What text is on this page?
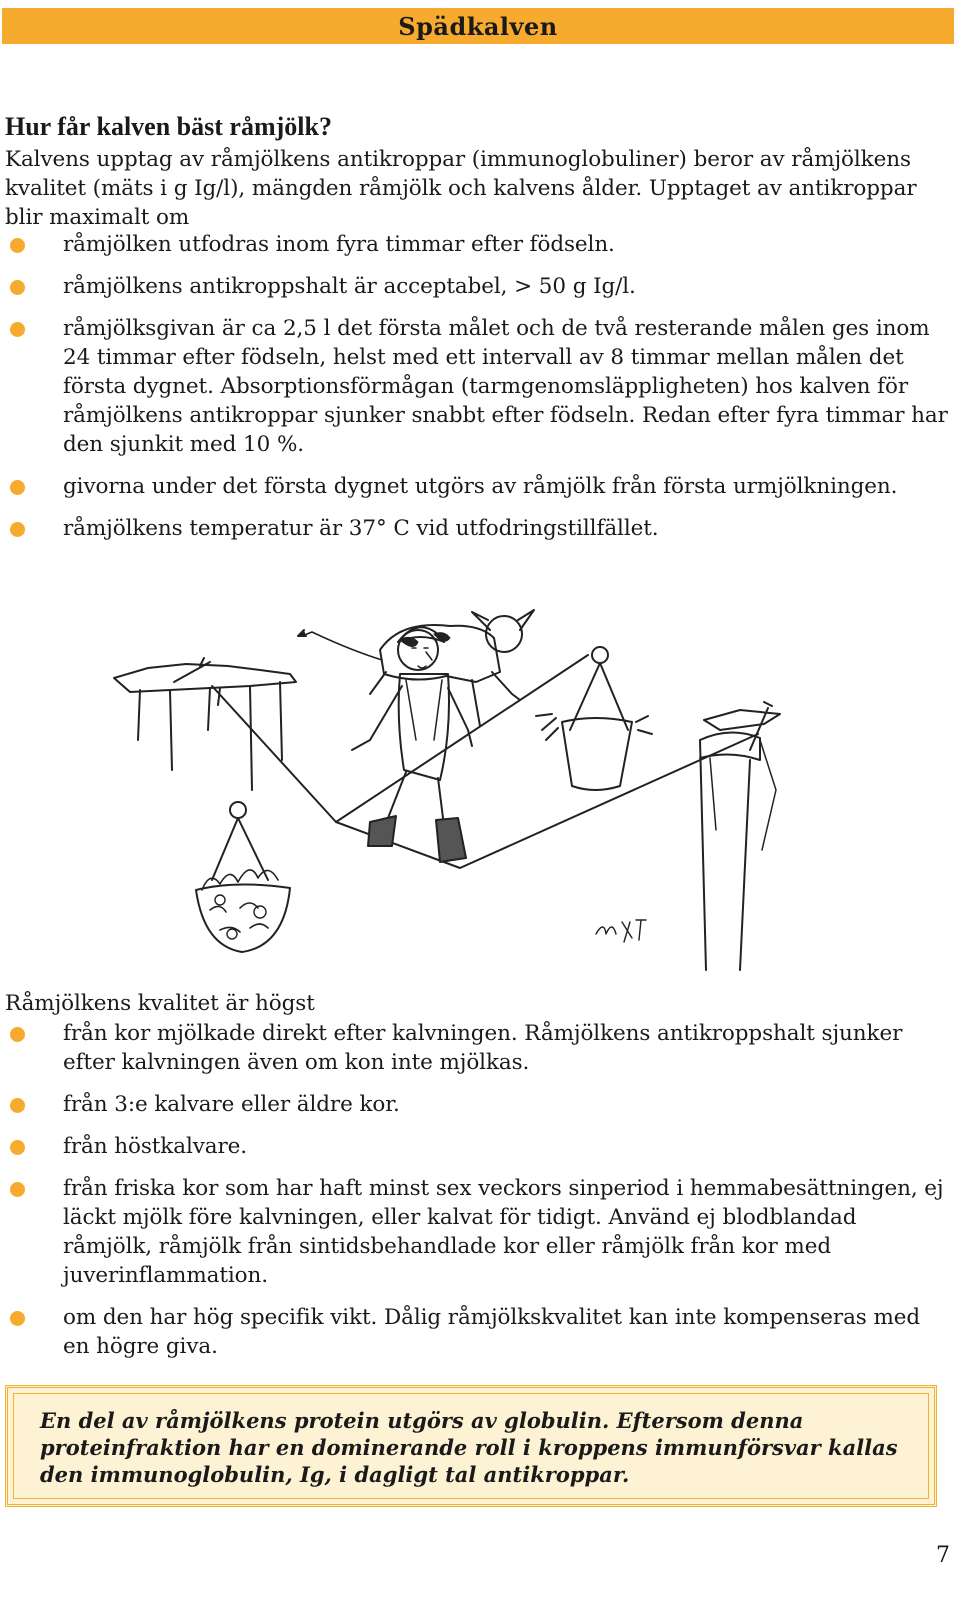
Spädkalven
Hur får kalven bäst råmjölk?

Kalvens upptag av råmjölkens antikroppar (immunoglobuliner) beror av råmjölkens kvalitet (mäts i g Ig/l), mängden råmjölk och kalvens ålder. Upptaget av antikroppar blir maximalt om

råmjölken utfodras inom fyra timmar efter födseln.
råmjölkens antikroppshalt är acceptabel, > 50 g Ig/l.
råmjölksgivan är ca 2,5 l det första målet och de två resterande målen ges inom 24 timmar efter födseln, helst med ett intervall av 8 timmar mellan målen det första dygnet. Absorptionsförmågan (tarmgenomsläppligheten) hos kalven för råmjölkens antikroppar sjunker snabbt efter födseln. Redan efter fyra timmar har den sjunkit med 10 %.
givorna under det första dygnet utgörs av råmjölk från första urmjölkningen.
råmjölkens temperatur är 37° C vid utfodringstillfället.
Råmjölkens kvalitet är högst
från kor mjölkade direkt efter kalvningen. Råmjölkens antikroppshalt sjunker efter kalvningen även om kon inte mjölkas.
från 3:e kalvare eller äldre kor.
från höstkalvare.
från friska kor som har haft minst sex veckors sinperiod i hemmabesättningen, ej läckt mjölk före kalvningen, eller kalvat för tidigt. Använd ej blodblandad råmjölk, råmjölk från sintidsbehandlade kor eller råmjölk från kor med juverinflammation.
om den har hög specifik vikt. Dålig råmjölkskvalitet kan inte kompenseras med en högre giva.

En del av råmjölkens protein utgörs av globulin. Eftersom denna proteinfraktion har en dominerande roll i kroppens immunförsvar kallas den immunoglobulin, Ig, i dagligt tal antikroppar.

7
